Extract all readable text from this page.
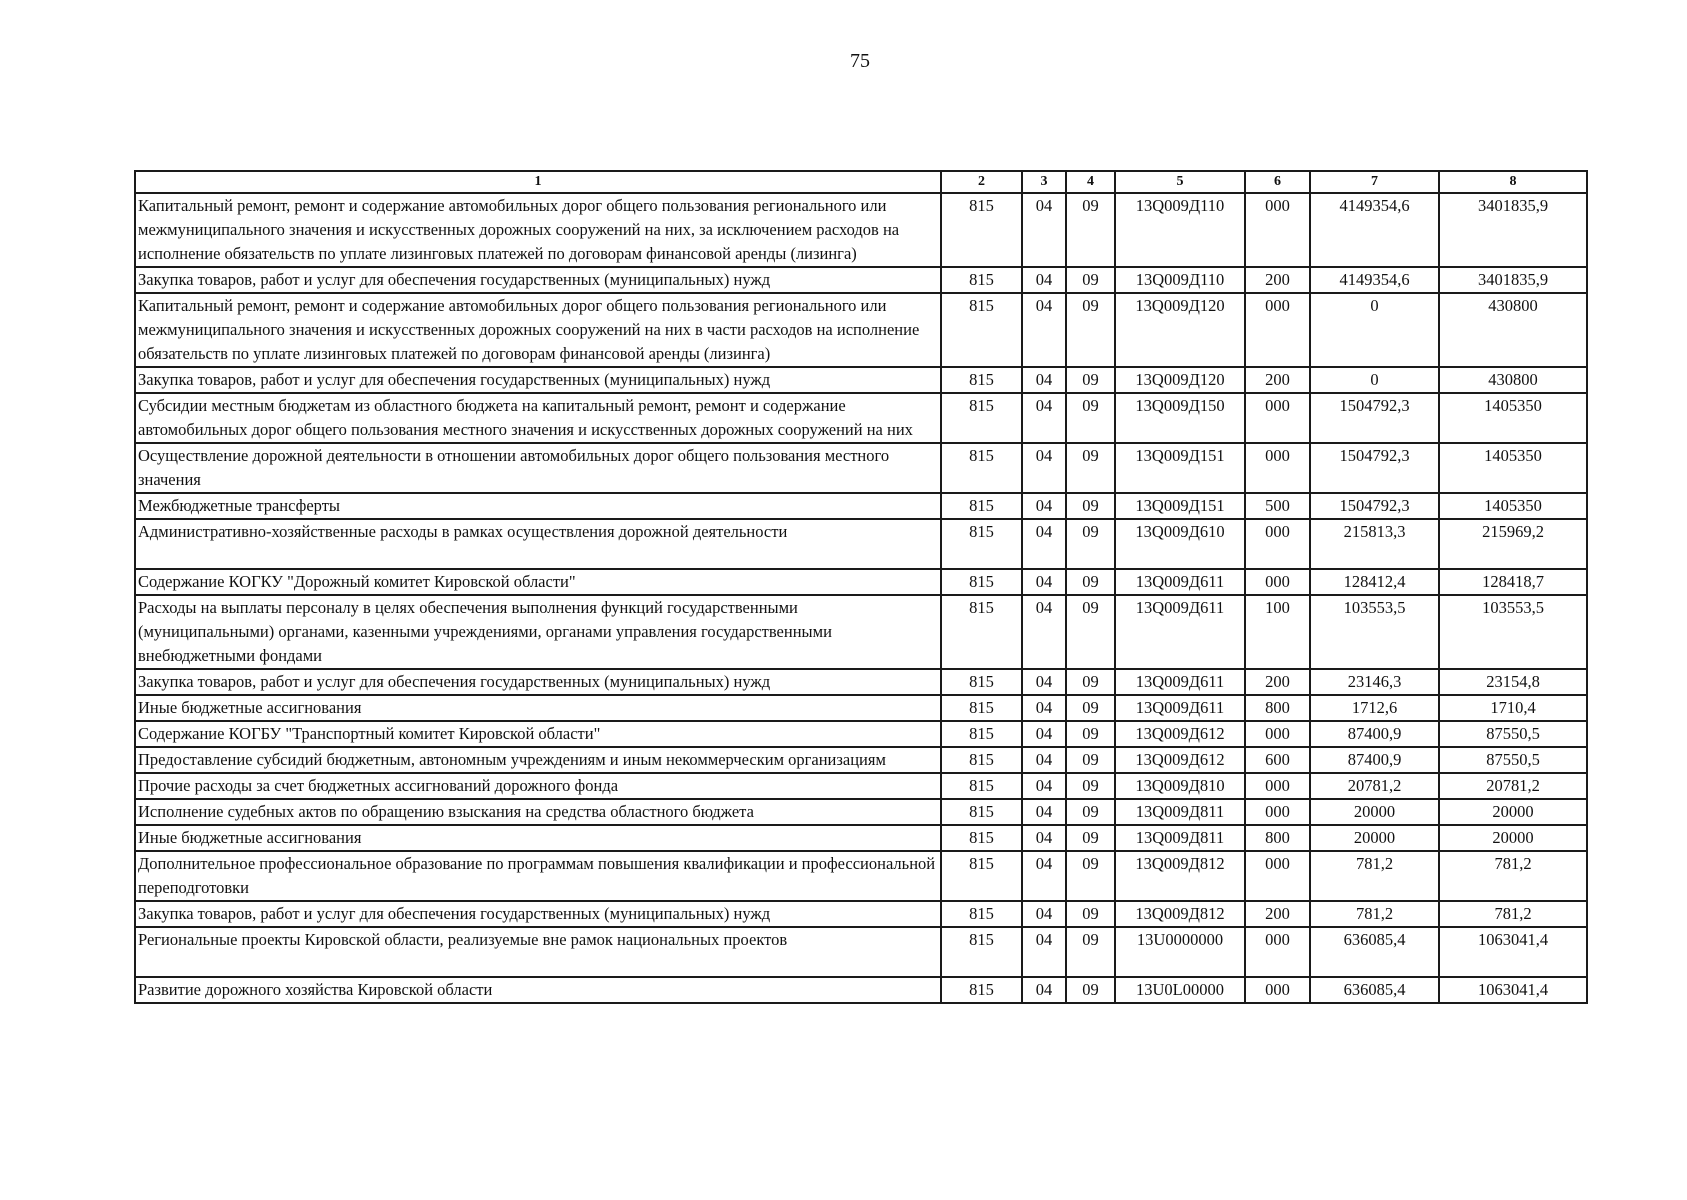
75
1	2	3	4	5	6	7	8
Капитальный ремонт, ремонт и содержание автомобильных дорог общего пользования регионального или межмуниципального значения и искусственных дорожных сооружений на них, за исключением расходов на исполнение обязательств по уплате лизинговых платежей по договорам финансовой аренды (лизинга)	815	04	09	13Q009Д110	000	4149354,6	3401835,9
Закупка товаров, работ и услуг для обеспечения государственных (муниципальных) нужд	815	04	09	13Q009Д110	200	4149354,6	3401835,9
Капитальный ремонт, ремонт и содержание автомобильных дорог общего пользования регионального или межмуниципального значения и искусственных дорожных сооружений на них в части расходов на исполнение обязательств по уплате лизинговых платежей по договорам финансовой аренды (лизинга)	815	04	09	13Q009Д120	000	0	430800
Закупка товаров, работ и услуг для обеспечения государственных (муниципальных) нужд	815	04	09	13Q009Д120	200	0	430800
Субсидии местным бюджетам из областного бюджета на капитальный ремонт, ремонт и содержание автомобильных дорог общего пользования местного значения и искусственных дорожных сооружений на них	815	04	09	13Q009Д150	000	1504792,3	1405350
Осуществление дорожной деятельности в отношении автомобильных дорог общего пользования местного значения	815	04	09	13Q009Д151	000	1504792,3	1405350
Межбюджетные трансферты	815	04	09	13Q009Д151	500	1504792,3	1405350
Административно-хозяйственные расходы в рамках осуществления дорожной деятельности	815	04	09	13Q009Д610	000	215813,3	215969,2
Содержание КОГКУ "Дорожный комитет Кировской области"	815	04	09	13Q009Д611	000	128412,4	128418,7
Расходы на выплаты персоналу в целях обеспечения выполнения функций государственными (муниципальными) органами, казенными учреждениями, органами управления государственными внебюджетными фондами	815	04	09	13Q009Д611	100	103553,5	103553,5
Закупка товаров, работ и услуг для обеспечения государственных (муниципальных) нужд	815	04	09	13Q009Д611	200	23146,3	23154,8
Иные бюджетные ассигнования	815	04	09	13Q009Д611	800	1712,6	1710,4
Содержание КОГБУ "Транспортный комитет Кировской области"	815	04	09	13Q009Д612	000	87400,9	87550,5
Предоставление субсидий бюджетным, автономным учреждениям и иным некоммерческим организациям	815	04	09	13Q009Д612	600	87400,9	87550,5
Прочие расходы за счет бюджетных ассигнований дорожного фонда	815	04	09	13Q009Д810	000	20781,2	20781,2
Исполнение судебных актов по обращению взыскания на средства областного бюджета	815	04	09	13Q009Д811	000	20000	20000
Иные бюджетные ассигнования	815	04	09	13Q009Д811	800	20000	20000
Дополнительное профессиональное образование по программам повышения квалификации и профессиональной переподготовки	815	04	09	13Q009Д812	000	781,2	781,2
Закупка товаров, работ и услуг для обеспечения государственных (муниципальных) нужд	815	04	09	13Q009Д812	200	781,2	781,2
Региональные проекты Кировской области, реализуемые вне рамок национальных проектов	815	04	09	13U0000000	000	636085,4	1063041,4
Развитие дорожного хозяйства Кировской области	815	04	09	13U0L00000	000	636085,4	1063041,4
